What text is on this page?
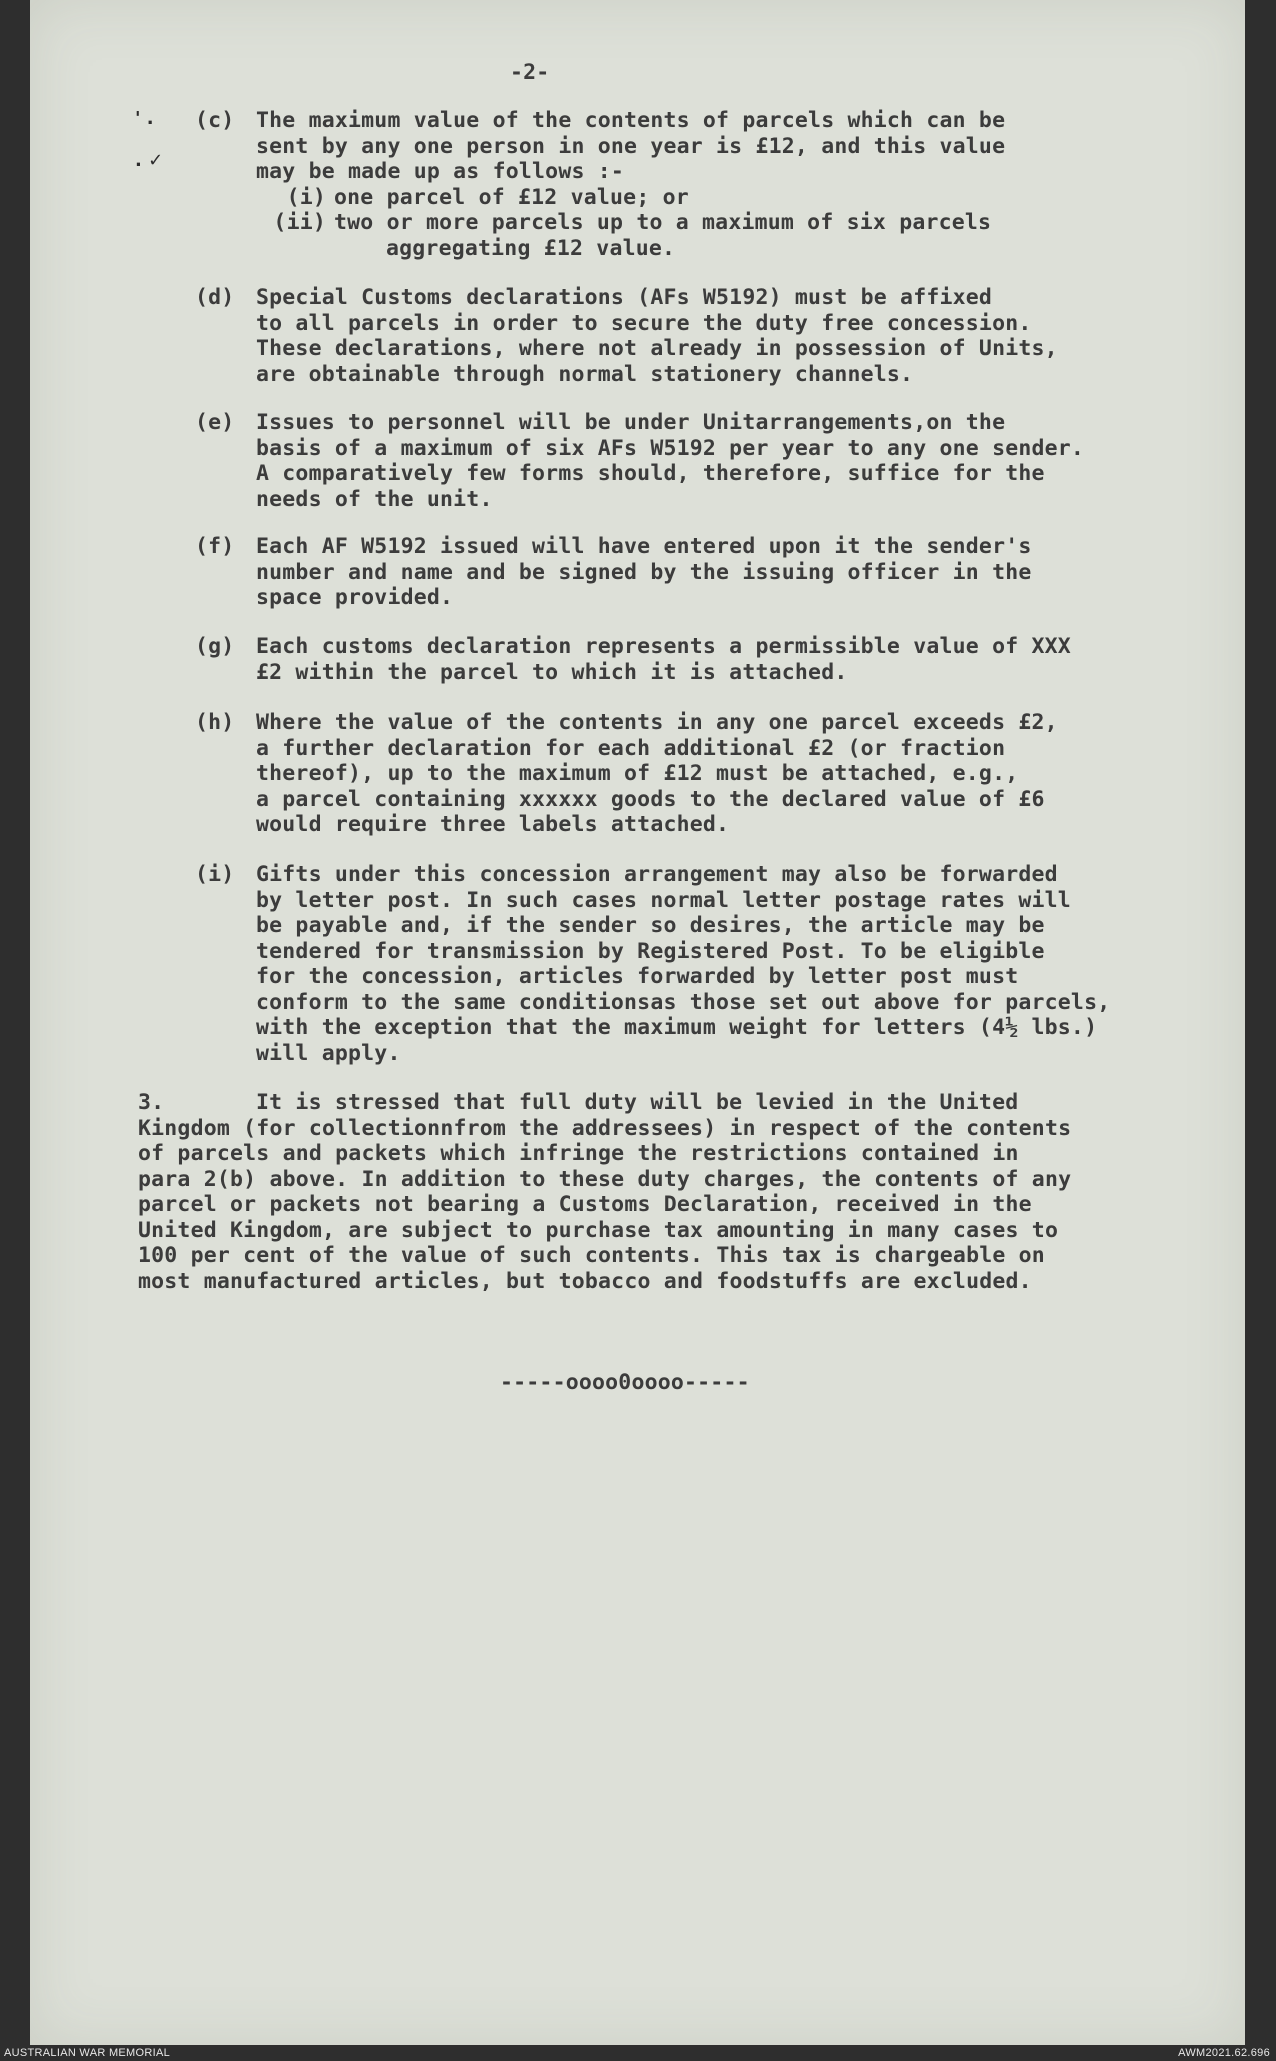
-2-
' .
. ✓
(c) The maximum value of the contents of parcels which can be
sent by any one person in one year is £12, and this value
may be made up as follows :-
(i) one parcel of £12 value; or
(ii) two or more parcels up to a maximum of six parcels
aggregating £12 value.
(d) Special Customs declarations (AFs W5192) must be affixed
to all parcels in order to secure the duty free concession.
These declarations, where not already in possession of Units,
are obtainable through normal stationery channels.
(e) Issues to personnel will be under Unitarrangements,on the
basis of a maximum of six AFs W5192 per year to any one sender.
A comparatively few forms should, therefore, suffice for the
needs of the unit.
(f) Each AF W5192 issued will have entered upon it the sender's
number and name and be signed by the issuing officer in the
space provided.
(g) Each customs declaration represents a permissible value of XXX
£2 within the parcel to which it is attached.
(h) Where the value of the contents in any one parcel exceeds £2,
a further declaration for each additional £2 (or fraction
thereof), up to the maximum of £12 must be attached, e.g.,
a parcel containing xxxxxx goods to the declared value of £6
would require three labels attached.
(i) Gifts under this concession arrangement may also be forwarded
by letter post. In such cases normal letter postage rates will
be payable and, if the sender so desires, the article may be
tendered for transmission by Registered Post. To be eligible
for the concession, articles forwarded by letter post must
conform to the same conditionsas those set out above for parcels,
with the exception that the maximum weight for letters (4½ lbs.)
will apply.
3.	It is stressed that full duty will be levied in the United
Kingdom (for collectionnfrom the addressees) in respect of the contents
of parcels and packets which infringe the restrictions contained in
para 2(b) above. In addition to these duty charges, the contents of any
parcel or packets not bearing a Customs Declaration, received in the
United Kingdom, are subject to purchase tax amounting in many cases to
100 per cent of the value of such contents. This tax is chargeable on
most manufactured articles, but tobacco and foodstuffs are excluded.
-----oooo0oooo-----
AUSTRALIAN WAR MEMORIAL	AWM2021.62.696
